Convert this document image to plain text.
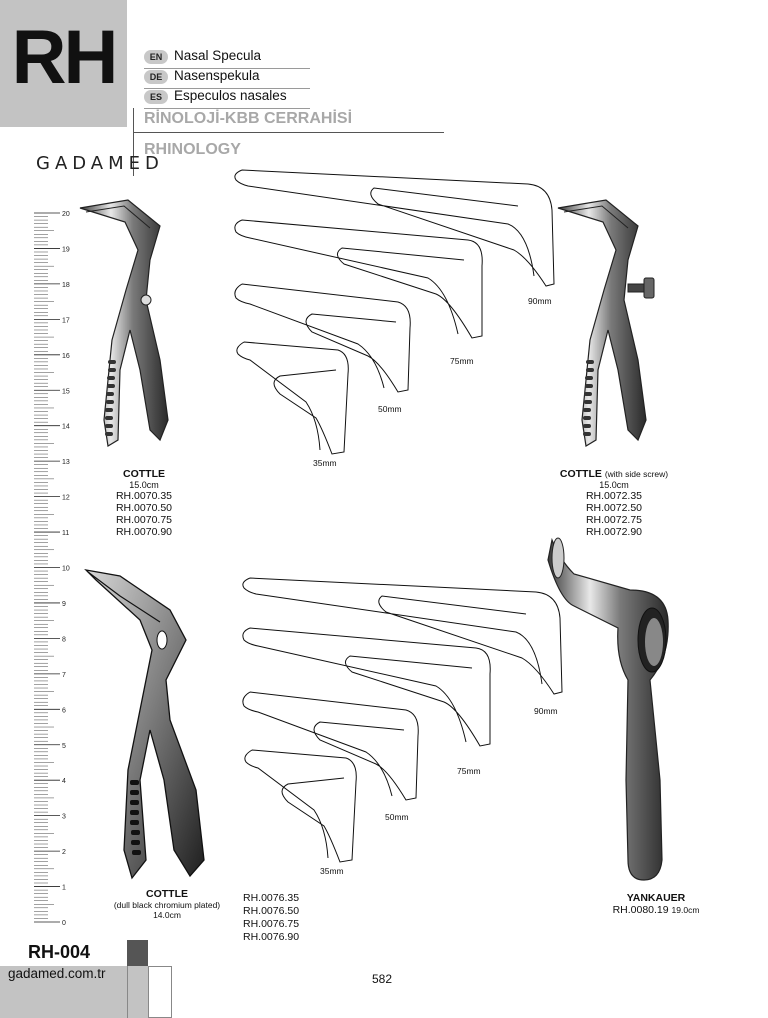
RH	EN Nasal Specula
DE Nasenspekula
ES Especulos nasales
RİNOLOJİ-KBB CERRAHİSİ
RHINOLOGY
GADAMED
20
19
18
17
16
15
14
13
12
11
10
9
8
7
6
5
4
3
2
1
0
90mm
75mm
50mm
35mm
90mm
75mm
50mm
35mm
COTTLE
15.0cm
RH.0070.35
RH.0070.50
RH.0070.75
RH.0070.90
COTTLE (with side screw)
15.0cm
RH.0072.35
RH.0072.50
RH.0072.75
RH.0072.90
COTTLE
(dull black chromium plated)
14.0cm
RH.0076.35
RH.0076.50
RH.0076.75
RH.0076.90
YANKAUER
RH.0080.19 19.0cm
RH-004
gadamed.com.tr	582
